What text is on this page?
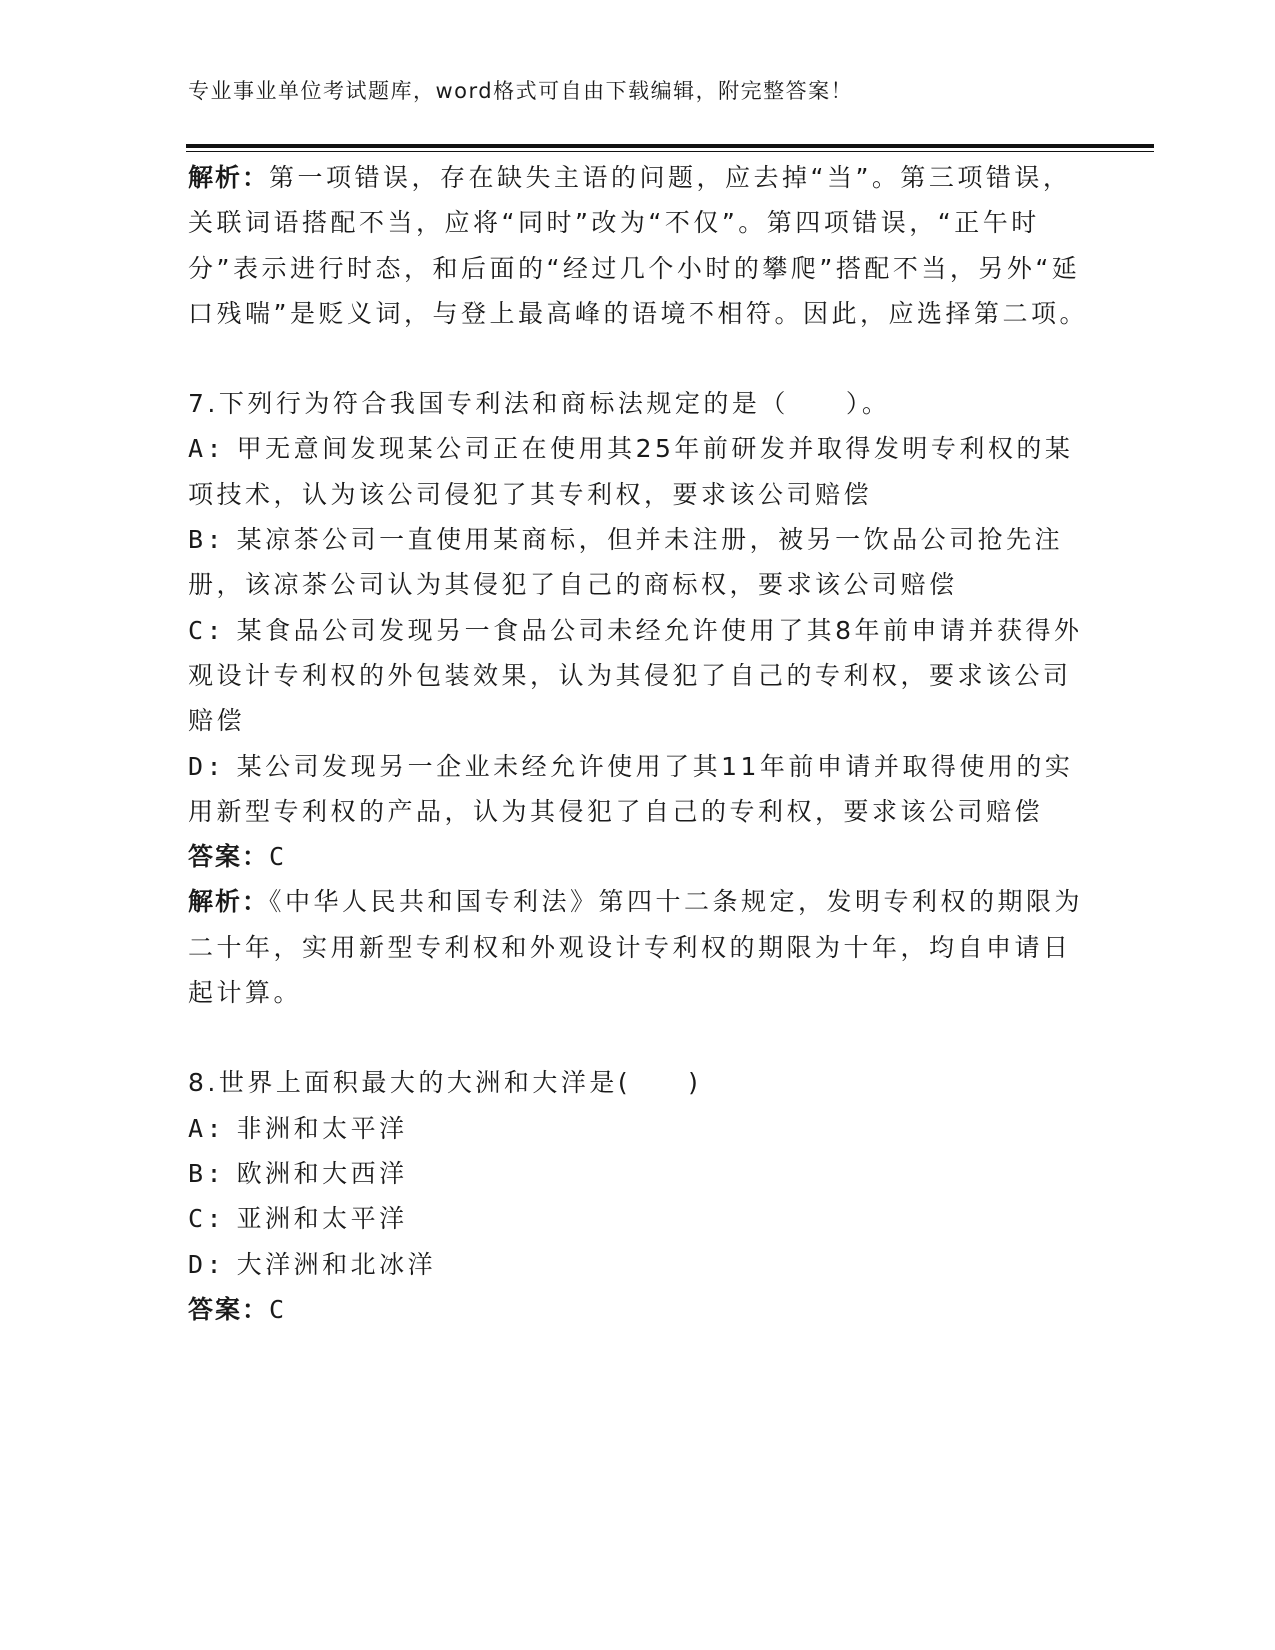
专业事业单位考试题库，word格式可自由下载编辑，附完整答案！

解析：第一项错误，存在缺失主语的问题，应去掉“当”。第三项错误，关联词语搭配不当，应将“同时”改为“不仅”。第四项错误，“正午时分”表示进行时态，和后面的“经过几个小时的攀爬”搭配不当，另外“延口残喘”是贬义词，与登上最高峰的语境不相符。因此，应选择第二项。

7.下列行为符合我国专利法和商标法规定的是（　　）。

A: 甲无意间发现某公司正在使用其25年前研发并取得发明专利权的某项技术，认为该公司侵犯了其专利权，要求该公司赔偿

B: 某凉茶公司一直使用某商标，但并未注册，被另一饮品公司抢先注册，该凉茶公司认为其侵犯了自己的商标权，要求该公司赔偿

C: 某食品公司发现另一食品公司未经允许使用了其8年前申请并获得外观设计专利权的外包装效果，认为其侵犯了自己的专利权，要求该公司赔偿

D: 某公司发现另一企业未经允许使用了其11年前申请并取得使用的实用新型专利权的产品，认为其侵犯了自己的专利权，要求该公司赔偿

答案：C

解析：《中华人民共和国专利法》第四十二条规定，发明专利权的期限为二十年，实用新型专利权和外观设计专利权的期限为十年，均自申请日起计算。

8.世界上面积最大的大洲和大洋是(　　)

A: 非洲和太平洋

B: 欧洲和大西洋

C: 亚洲和太平洋

D: 大洋洲和北冰洋

答案：C
